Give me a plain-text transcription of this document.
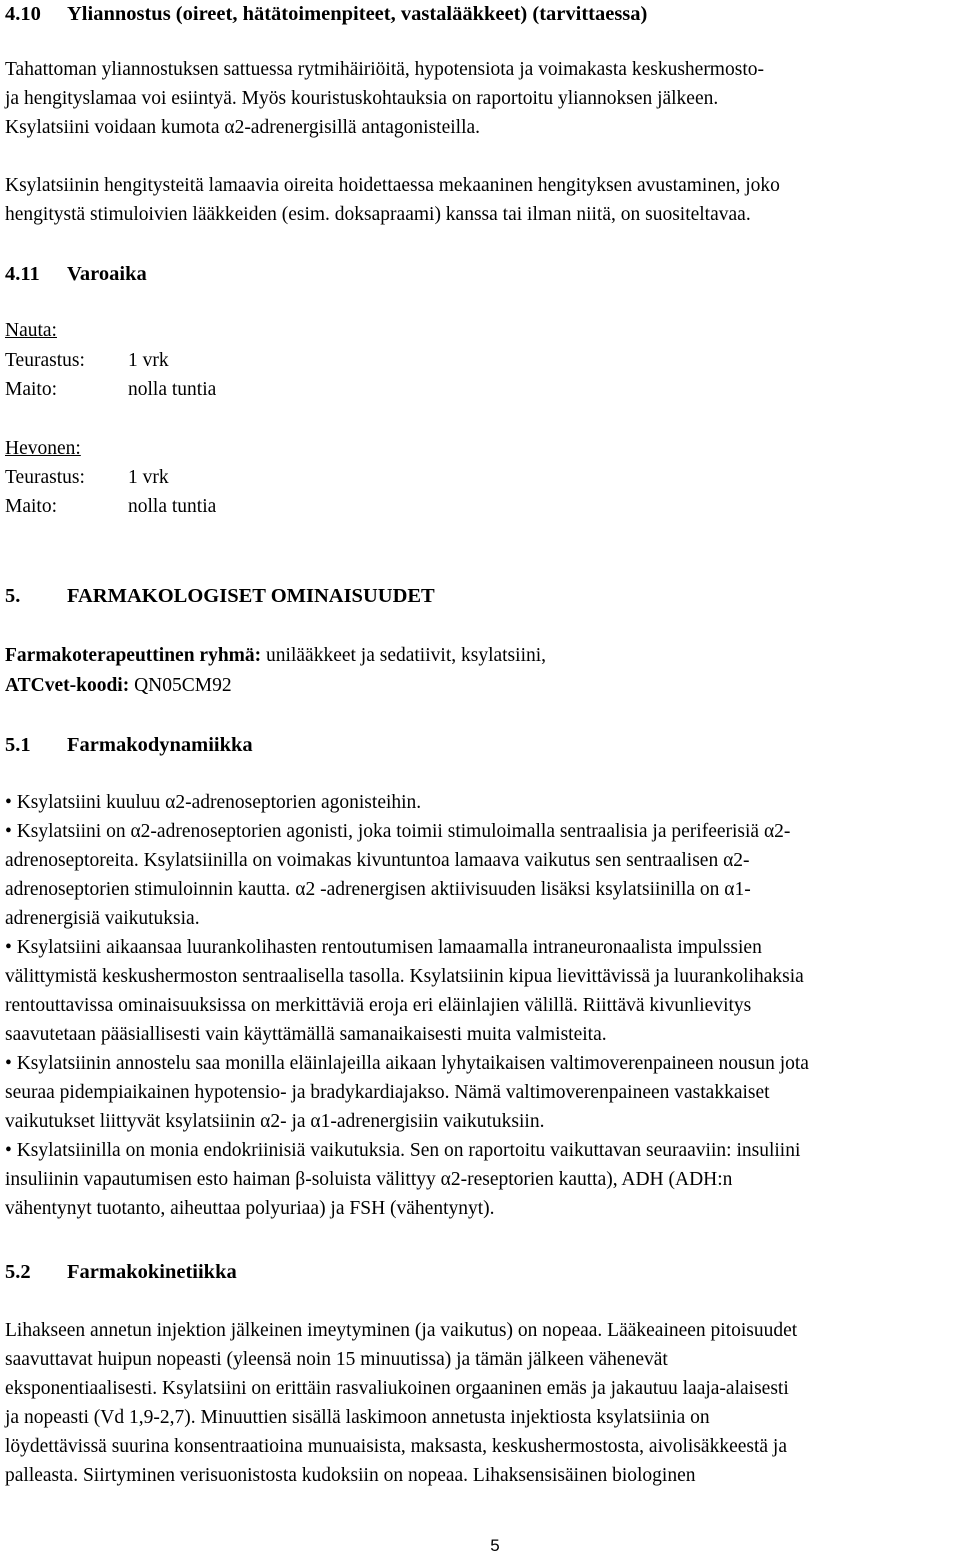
4.10 Yliannostus (oireet, hätätoimenpiteet, vastalääkkeet) (tarvittaessa)
Tahattoman yliannostuksen sattuessa rytmihäiriöitä, hypotensiota ja voimakasta keskushermosto-
ja hengityslamaa voi esiintyä. Myös kouristuskohtauksia on raportoitu yliannoksen jälkeen.
Ksylatsiini voidaan kumota α2-adrenergisillä antagonisteilla.
Ksylatsiinin hengitysteitä lamaavia oireita hoidettaessa mekaaninen hengityksen avustaminen, joko
hengitystä stimuloivien lääkkeiden (esim. doksapraami) kanssa tai ilman niitä, on suositeltavaa.
4.11 Varoaika
Nauta:
Teurastus: 1 vrk
Maito:	nolla tuntia
Hevonen:
Teurastus: 1 vrk
Maito:	nolla tuntia
5. FARMAKOLOGISET OMINAISUUDET
Farmakoterapeuttinen ryhmä: unilääkkeet ja sedatiivit, ksylatsiini,
ATCvet-koodi: QN05CM92
5.1 Farmakodynamiikka
• Ksylatsiini kuuluu α2-adrenoseptorien agonisteihin.
• Ksylatsiini on α2-adrenoseptorien agonisti, joka toimii stimuloimalla sentraalisia ja perifeerisiä α2-
adrenoseptoreita. Ksylatsiinilla on voimakas kivuntuntoa lamaava vaikutus sen sentraalisen α2-
adrenoseptorien stimuloinnin kautta. α2 -adrenergisen aktiivisuuden lisäksi ksylatsiinilla on α1-
adrenergisiä vaikutuksia.
• Ksylatsiini aikaansaa luurankolihasten rentoutumisen lamaamalla intraneuronaalista impulssien
välittymistä keskushermoston sentraalisella tasolla. Ksylatsiinin kipua lievittävissä ja luurankolihaksia
rentouttavissa ominaisuuksissa on merkittäviä eroja eri eläinlajien välillä. Riittävä kivunlievitys
saavutetaan pääsiallisesti vain käyttämällä samanaikaisesti muita valmisteita.
• Ksylatsiinin annostelu saa monilla eläinlajeilla aikaan lyhytaikaisen valtimoverenpaineen nousun jota
seuraa pidempiaikainen hypotensio- ja bradykardiajakso. Nämä valtimoverenpaineen vastakkaiset
vaikutukset liittyvät ksylatsiinin α2- ja α1-adrenergisiin vaikutuksiin.
• Ksylatsiinilla on monia endokriinisiä vaikutuksia. Sen on raportoitu vaikuttavan seuraaviin: insuliini
insuliinin vapautumisen esto haiman β-soluista välittyy α2-reseptorien kautta), ADH (ADH:n
vähentynyt tuotanto, aiheuttaa polyuriaa) ja FSH (vähentynyt).
5.2 Farmakokinetiikka
Lihakseen annetun injektion jälkeinen imeytyminen (ja vaikutus) on nopeaa. Lääkeaineen pitoisuudet
saavuttavat huipun nopeasti (yleensä noin 15 minuutissa) ja tämän jälkeen vähenevät
eksponentiaalisesti. Ksylatsiini on erittäin rasvaliukoinen orgaaninen emäs ja jakautuu laaja-alaisesti
ja nopeasti (Vd 1,9-2,7). Minuuttien sisällä laskimoon annetusta injektiosta ksylatsiinia on
löydettävissä suurina konsentraatioina munuaisista, maksasta, keskushermostosta, aivolisäkkeestä ja
palleasta. Siirtyminen verisuonistosta kudoksiin on nopeaa. Lihaksensisäinen biologinen
5
